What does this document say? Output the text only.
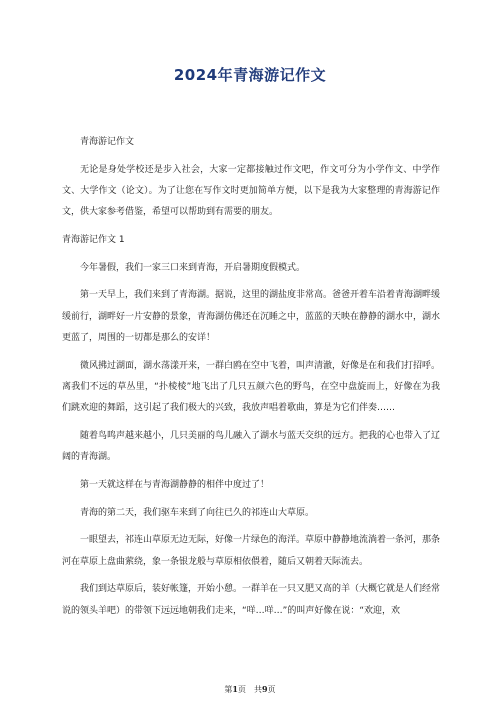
2024年青海游记作文

青海游记作文

无论是身处学校还是步入社会，大家一定都接触过作文吧，作文可分为小学作文、中学作文、大学作文（论文）。为了让您在写作文时更加简单方便，以下是我为大家整理的青海游记作文，供大家参考借鉴，希望可以帮助到有需要的朋友。

青海游记作文 1

今年暑假，我们一家三口来到青海，开启暑期度假模式。

第一天早上，我们来到了青海湖。据说，这里的湖盐度非常高。爸爸开着车沿着青海湖畔缓缓前行，湖畔好一片安静的景象，青海湖仿佛还在沉睡之中，蓝蓝的天映在静静的湖水中，湖水更蓝了，周围的一切都是那么的安详！

微风拂过湖面，湖水荡漾开来，一群白鸥在空中飞着，叫声清澈，好像是在和我们打招呼。离我们不远的草丛里，“扑棱棱”地飞出了几只五颜六色的野鸟，在空中盘旋而上，好像在为我们跳欢迎的舞蹈，这引起了我们极大的兴致，我放声唱着歌曲，算是为它们伴奏……

随着鸟鸣声越来越小，几只美丽的鸟儿融入了湖水与蓝天交织的远方。把我的心也带入了辽阔的青海湖。

第一天就这样在与青海湖静静的相伴中度过了！

青海的第二天，我们驱车来到了向往已久的祁连山大草原。

一眼望去，祁连山草原无边无际，好像一片绿色的海洋。草原中静静地流淌着一条河，那条河在草原上盘曲萦绕，象一条银龙般与草原相依偎着，随后又朝着天际流去。

我们到达草原后，装好帐篷，开始小憩。一群羊在一只又肥又高的羊（大概它就是人们经常说的领头羊吧）的带领下远远地朝我们走来，“咩…咩…”的叫声好像在说：“欢迎，欢

第1页　共9页
